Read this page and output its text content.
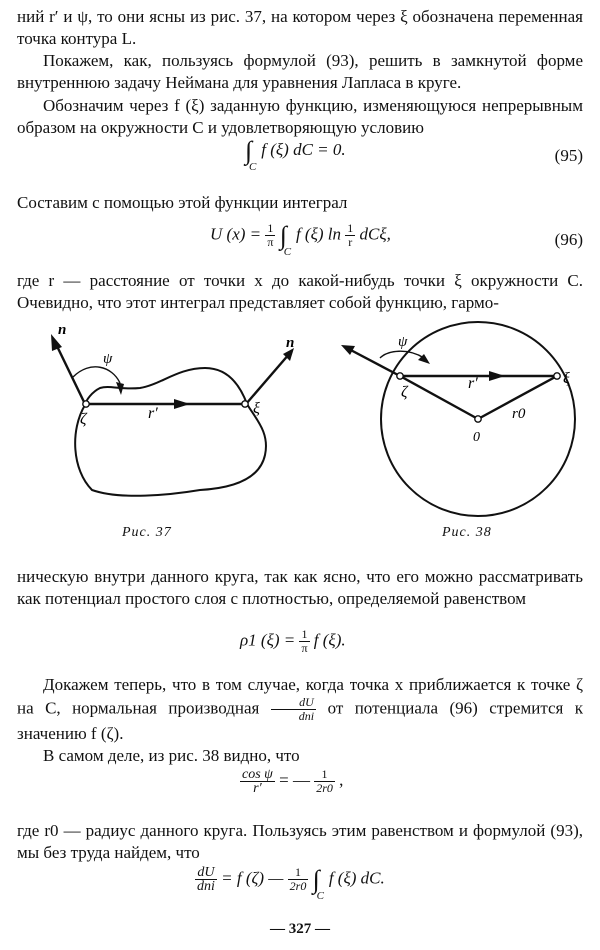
ний r′ и ψ, то они ясны из рис. 37, на котором через ξ обозначена переменная точка контура L.

Покажем, как, пользуясь формулой (93), решить в замкнутой форме внутреннюю задачу Неймана для уравнения Лапласа в круге.

Обозначим через f (ξ) заданную функцию, изменяющуюся непрерывным образом на окружности C и удовлетворяющую условию

∫
C
f (ξ) dC = 0.	(95)

Составим с помощью этой функции интеграл

U $(x) = \frac{1}{\pi}$ ∫
C
f (ξ) $\ln \frac{1}{r} dC\xi$,	(96)

где r — расстояние от точки x до какой-нибудь точки ξ окружности C. Очевидно, что этот интеграл представляет собой функцию, гармо-

n
ψ
ζ	r′	ξ
n
Рис. 37
ψ
ζ
r′	ξ
r0
0
Рис. 38

ническую внутри данного круга, так как ясно, что его можно рассматривать как потенциал простого слоя с плотностью, определяемой равенством

ρ1 $(\xi) = \frac{1}{\pi}$ f (ξ).
Докажем теперь, что в том случае, когда точка x приближается к точке ζ на C, нормальная производная $\frac{dU}{\text{dni}}$ от потенциала (96) стремится к значению f (ζ).

В самом деле, из рис. 38 видно, что

$\frac{\text{cos ψ}}{r'}$ = — $\frac{1}{2r0}$ ,

где r0 — радиус данного круга. Пользуясь этим равенством и формулой (93), мы без труда найдем, что

$\frac{dU}{\text{dni}} = f$ (ζ) — $\frac{1}{2r0}$ ∫
C
f (ξ) dC.
— 327 —
